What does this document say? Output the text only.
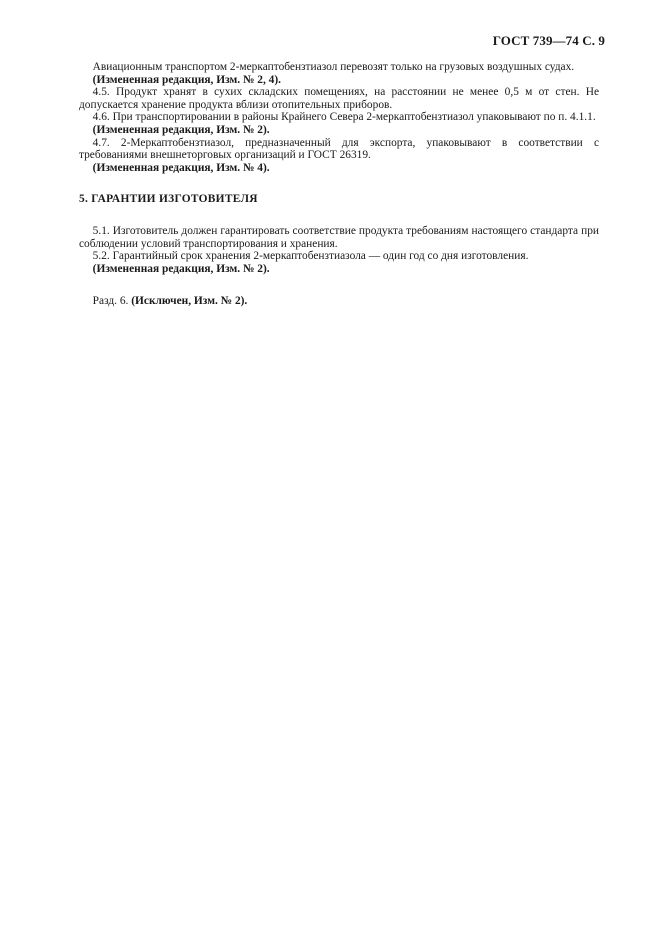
ГОСТ 739—74 С. 9

Авиационным транспортом 2-меркаптобензтиазол перевозят только на грузовых воздушных судах.

(Измененная редакция, Изм. № 2, 4).

4.5. Продукт хранят в сухих складских помещениях, на расстоянии не менее 0,5 м от стен. Не допускается хранение продукта вблизи отопительных приборов.

4.6. При транспортировании в районы Крайнего Севера 2-меркаптобензтиазол упаковывают по п. 4.1.1.

(Измененная редакция, Изм. № 2).

4.7. 2-Меркаптобензтиазол, предназначенный для экспорта, упаковывают в соответствии с требованиями внешнеторговых организаций и ГОСТ 26319.

(Измененная редакция, Изм. № 4).

5. ГАРАНТИИ ИЗГОТОВИТЕЛЯ

5.1. Изготовитель должен гарантировать соответствие продукта требованиям настоящего стандарта при соблюдении условий транспортирования и хранения.

5.2. Гарантийный срок хранения 2-меркаптобензтиазола — один год со дня изготовления.

(Измененная редакция, Изм. № 2).

Разд. 6. (Исключен, Изм. № 2).
